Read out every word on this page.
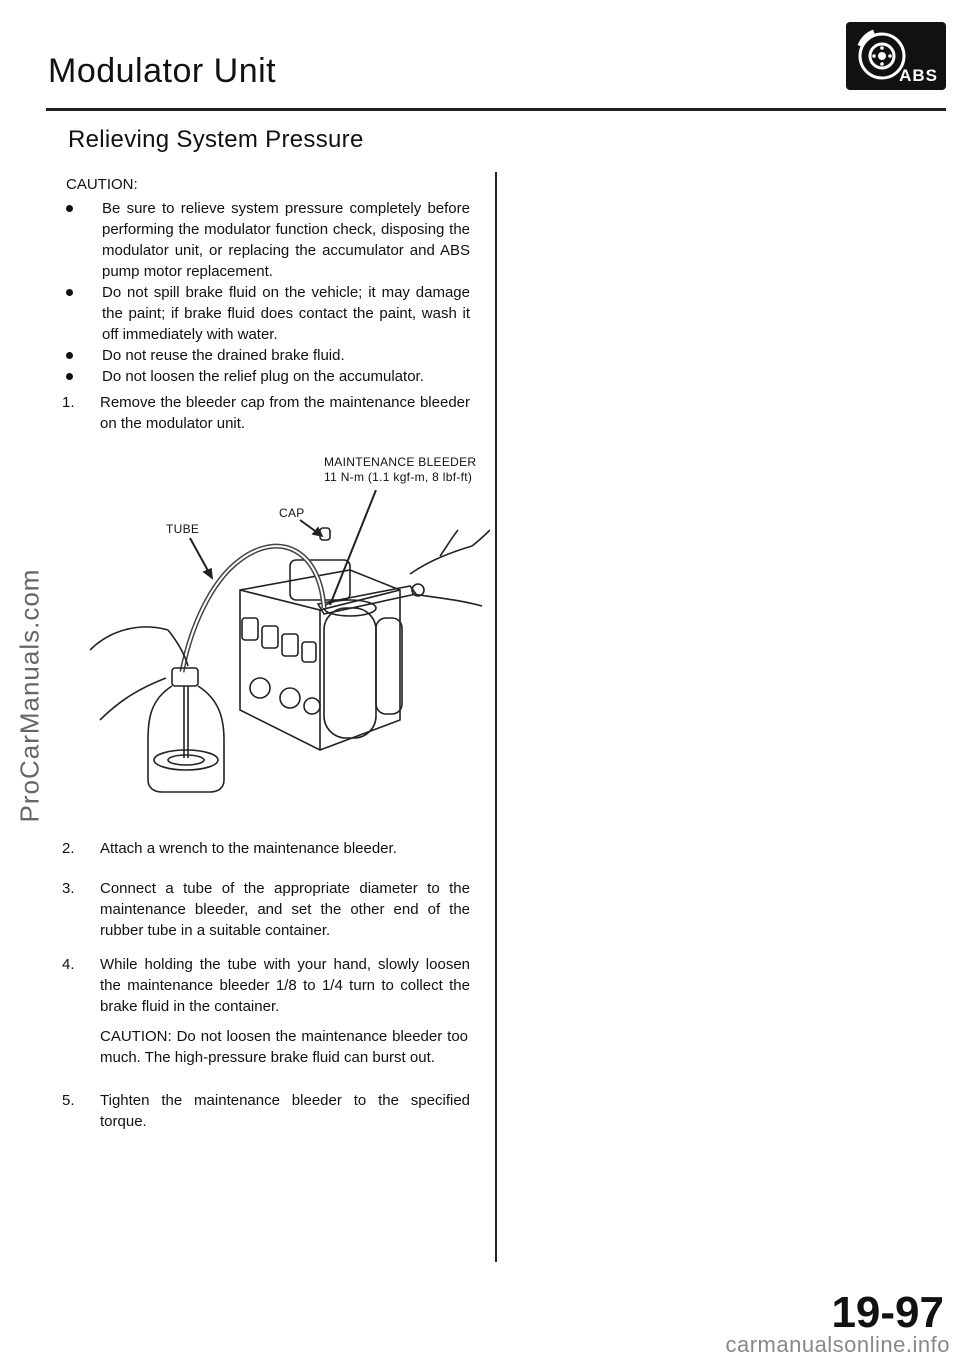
Modulator Unit	ABS
Relieving System Pressure
CAUTION:
Be sure to relieve system pressure completely before performing the modulator function check, disposing the modulator unit, or replacing the accumulator and ABS pump motor replacement.
Do not spill brake fluid on the vehicle; it may damage the paint; if brake fluid does contact the paint, wash it off immediately with water.
Do not reuse the drained brake fluid.
Do not loosen the relief plug on the accumulator.
1. Remove the bleeder cap from the maintenance bleeder on the modulator unit.
MAINTENANCE BLEEDER
11 N-m (1.1 kgf-m, 8 lbf-ft)
CAP
TUBE
2. Attach a wrench to the maintenance bleeder.
3. Connect a tube of the appropriate diameter to the maintenance bleeder, and set the other end of the rubber tube in a suitable container.
4. While holding the tube with your hand, slowly loosen the maintenance bleeder 1/8 to 1/4 turn to collect the brake fluid in the container.
CAUTION: Do not loosen the maintenance bleeder too much. The high-pressure brake fluid can burst out.
5. Tighten the maintenance bleeder to the specified torque.
ProCarManuals.com
19-97
carmanualsonline.info
